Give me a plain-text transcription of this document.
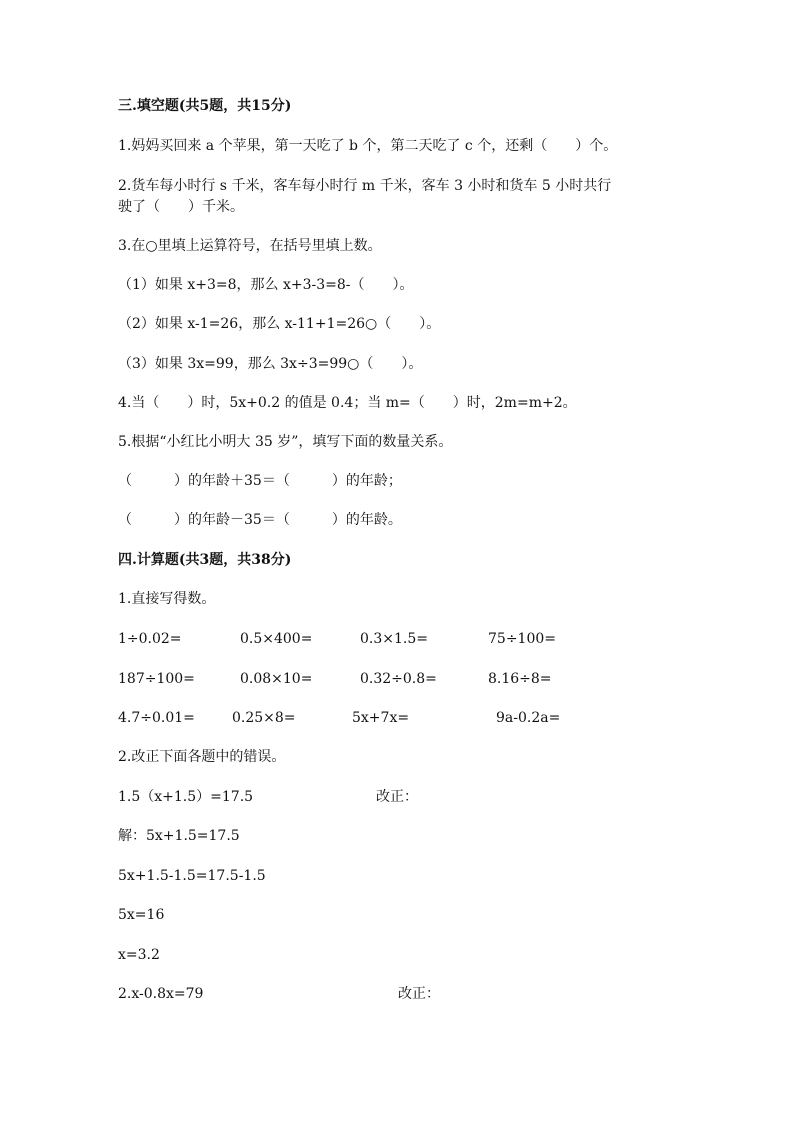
三.填空题(共5题，共15分)
1.妈妈买回来 a 个苹果，第一天吃了 b 个，第二天吃了 c 个，还剩（　　）个。
2.货车每小时行 s 千米，客车每小时行 m 千米，客车 3 小时和货车 5 小时共行
驶了（　　）千米。
3.在○里填上运算符号，在括号里填上数。
（1）如果 x+3=8，那么 x+3-3=8-（　　）。
（2）如果 x-1=26，那么 x-11+1=26○（　　）。
（3）如果 3x=99，那么 3x÷3=99○（　　）。
4.当（　　）时，5x+0.2 的值是 0.4；当 m=（　　）时，2m=m+2。
5.根据“小红比小明大 35 岁”，填写下面的数量关系。
（　　　）的年龄＋35＝（　　　）的年龄；
（　　　）的年龄－35＝（　　　）的年龄。
四.计算题(共3题，共38分)
1.直接写得数。
1÷0.02=	0.5×400=	0.3×1.5=	75÷100=
187÷100=	0.08×10=	0.32÷0.8=	8.16÷8=
4.7÷0.01=	0.25×8=	5x+7x=	9a-0.2a=
2.改正下面各题中的错误。
1.5（x+1.5）=17.5	改正：
解：5x+1.5=17.5
5x+1.5-1.5=17.5-1.5
5x=16
x=3.2
2.x-0.8x=79	改正：
